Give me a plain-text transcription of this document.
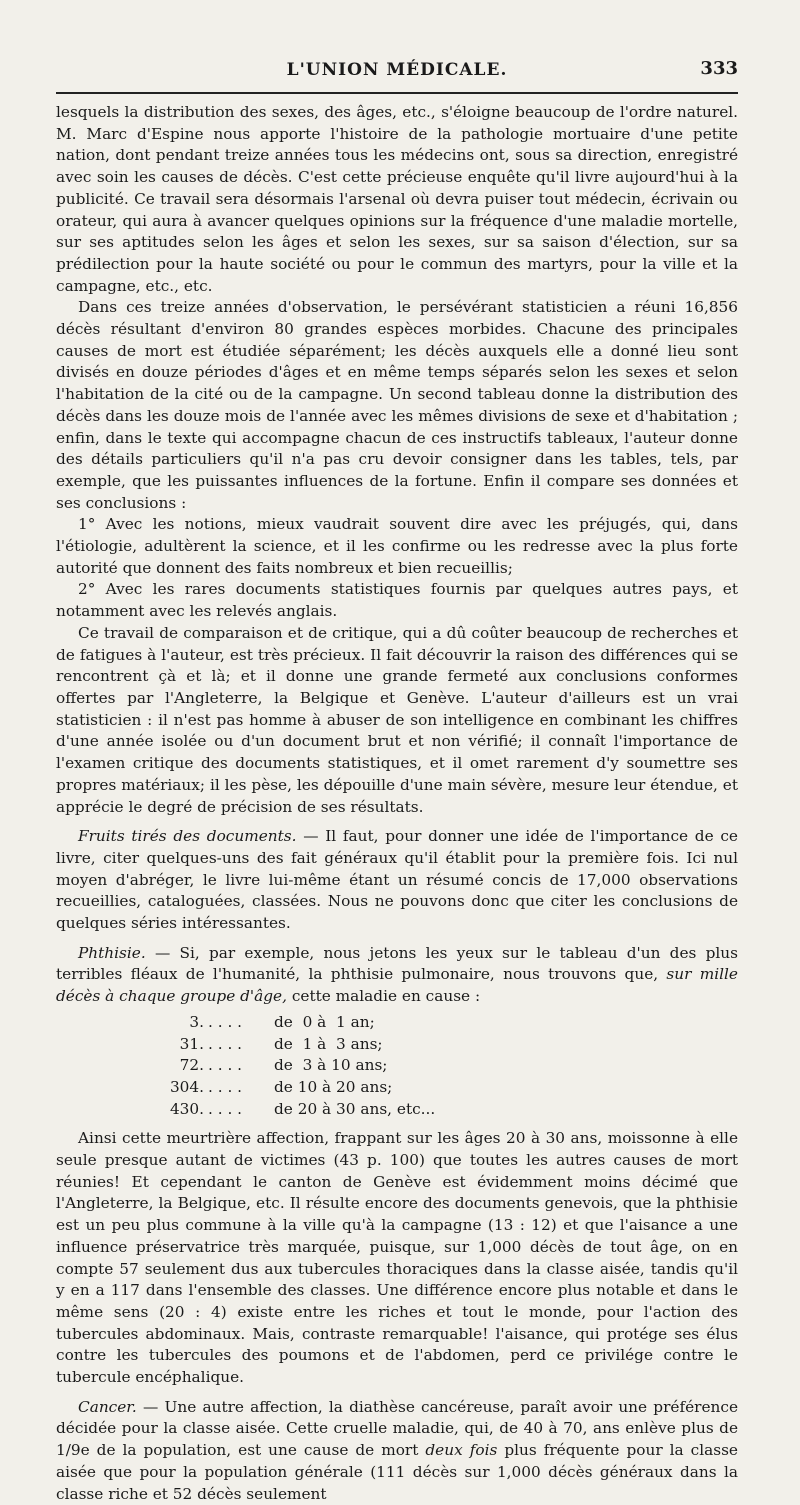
L'UNION MÉDICALE.	333

lesquels la distribution des sexes, des âges, etc., s'éloigne beaucoup de l'ordre naturel. M. Marc d'Espine nous apporte l'histoire de la pathologie mortuaire d'une petite nation, dont pendant treize années tous les médecins ont, sous sa direction, enregistré avec soin les causes de décès. C'est cette précieuse enquête qu'il livre aujourd'hui à la publicité. Ce travail sera désormais l'arsenal où devra puiser tout médecin, écrivain ou orateur, qui aura à avancer quelques opinions sur la fréquence d'une maladie mortelle, sur ses aptitudes selon les âges et selon les sexes, sur sa saison d'élection, sur sa prédilection pour la haute société ou pour le commun des martyrs, pour la ville et la campagne, etc., etc.

Dans ces treize années d'observation, le persévérant statisticien a réuni 16,856 décès résultant d'environ 80 grandes espèces morbides. Chacune des principales causes de mort est étudiée séparément; les décès auxquels elle a donné lieu sont divisés en douze périodes d'âges et en même temps séparés selon les sexes et selon l'habitation de la cité ou de la campagne. Un second tableau donne la distribution des décès dans les douze mois de l'année avec les mêmes divisions de sexe et d'habitation ; enfin, dans le texte qui accompagne chacun de ces instructifs tableaux, l'auteur donne des détails particuliers qu'il n'a pas cru devoir consigner dans les tables, tels, par exemple, que les puissantes influences de la fortune. Enfin il compare ses données et ses conclusions :

1° Avec les notions, mieux vaudrait souvent dire avec les préjugés, qui, dans l'étiologie, adultèrent la science, et il les confirme ou les redresse avec la plus forte autorité que donnent des faits nombreux et bien recueillis;

2° Avec les rares documents statistiques fournis par quelques autres pays, et notamment avec les relevés anglais.

Ce travail de comparaison et de critique, qui a dû coûter beaucoup de recherches et de fatigues à l'auteur, est très précieux. Il fait découvrir la raison des différences qui se rencontrent çà et là; et il donne une grande fermeté aux conclusions conformes offertes par l'Angleterre, la Belgique et Genève. L'auteur d'ailleurs est un vrai statisticien : il n'est pas homme à abuser de son intelligence en combinant les chiffres d'une année isolée ou d'un document brut et non vérifié; il connaît l'importance de l'examen critique des documents statistiques, et il omet rarement d'y soumettre ses propres matériaux; il les pèse, les dépouille d'une main sévère, mesure leur étendue, et apprécie le degré de précision de ses résultats.

Fruits tirés des documents. — Il faut, pour donner une idée de l'importance de ce livre, citer quelques-uns des fait généraux qu'il établit pour la première fois. Ici nul moyen d'abréger, le livre lui-même étant un résumé concis de 17,000 observations recueillies, cataloguées, classées. Nous ne pouvons donc que citer les conclusions de quelques séries intéressantes.

Phthisie. — Si, par exemple, nous jetons les yeux sur le tableau d'un des plus terribles fléaux de l'humanité, la phthisie pulmonaire, nous trouvons que, sur mille décès à chaque groupe d'âge, cette maladie en cause :

3. . . . .	de  0 à  1 an;
31. . . . .	de  1 à  3 ans;
72. . . . .	de  3 à 10 ans;
304. . . . .	de 10 à 20 ans;
430. . . . .	de 20 à 30 ans, etc...

Ainsi cette meurtrière affection, frappant sur les âges 20 à 30 ans, moissonne à elle seule presque autant de victimes (43 p. 100) que toutes les autres causes de mort réunies! Et cependant le canton de Genève est évidemment moins décimé que l'Angleterre, la Belgique, etc. Il résulte encore des documents genevois, que la phthisie est un peu plus commune à la ville qu'à la campagne (13 : 12) et que l'aisance a une influence préservatrice très marquée, puisque, sur 1,000 décès de tout âge, on en compte 57 seulement dus aux tubercules thoraciques dans la classe aisée, tandis qu'il y en a 117 dans l'ensemble des classes. Une différence encore plus notable et dans le même sens (20 : 4) existe entre les riches et tout le monde, pour l'action des tubercules abdominaux. Mais, contraste remarquable! l'aisance, qui protége ses élus contre les tubercules des poumons et de l'abdomen, perd ce privilége contre le tubercule encéphalique.

Cancer. — Une autre affection, la diathèse cancéreuse, paraît avoir une préférence décidée pour la classe aisée. Cette cruelle maladie, qui, de 40 à 70, ans enlève plus de 1/9e de la population, est une cause de mort deux fois plus fréquente pour la classe aisée que pour la population générale (111 décès sur 1,000 décès généraux dans la classe riche et 52 décès seulement
